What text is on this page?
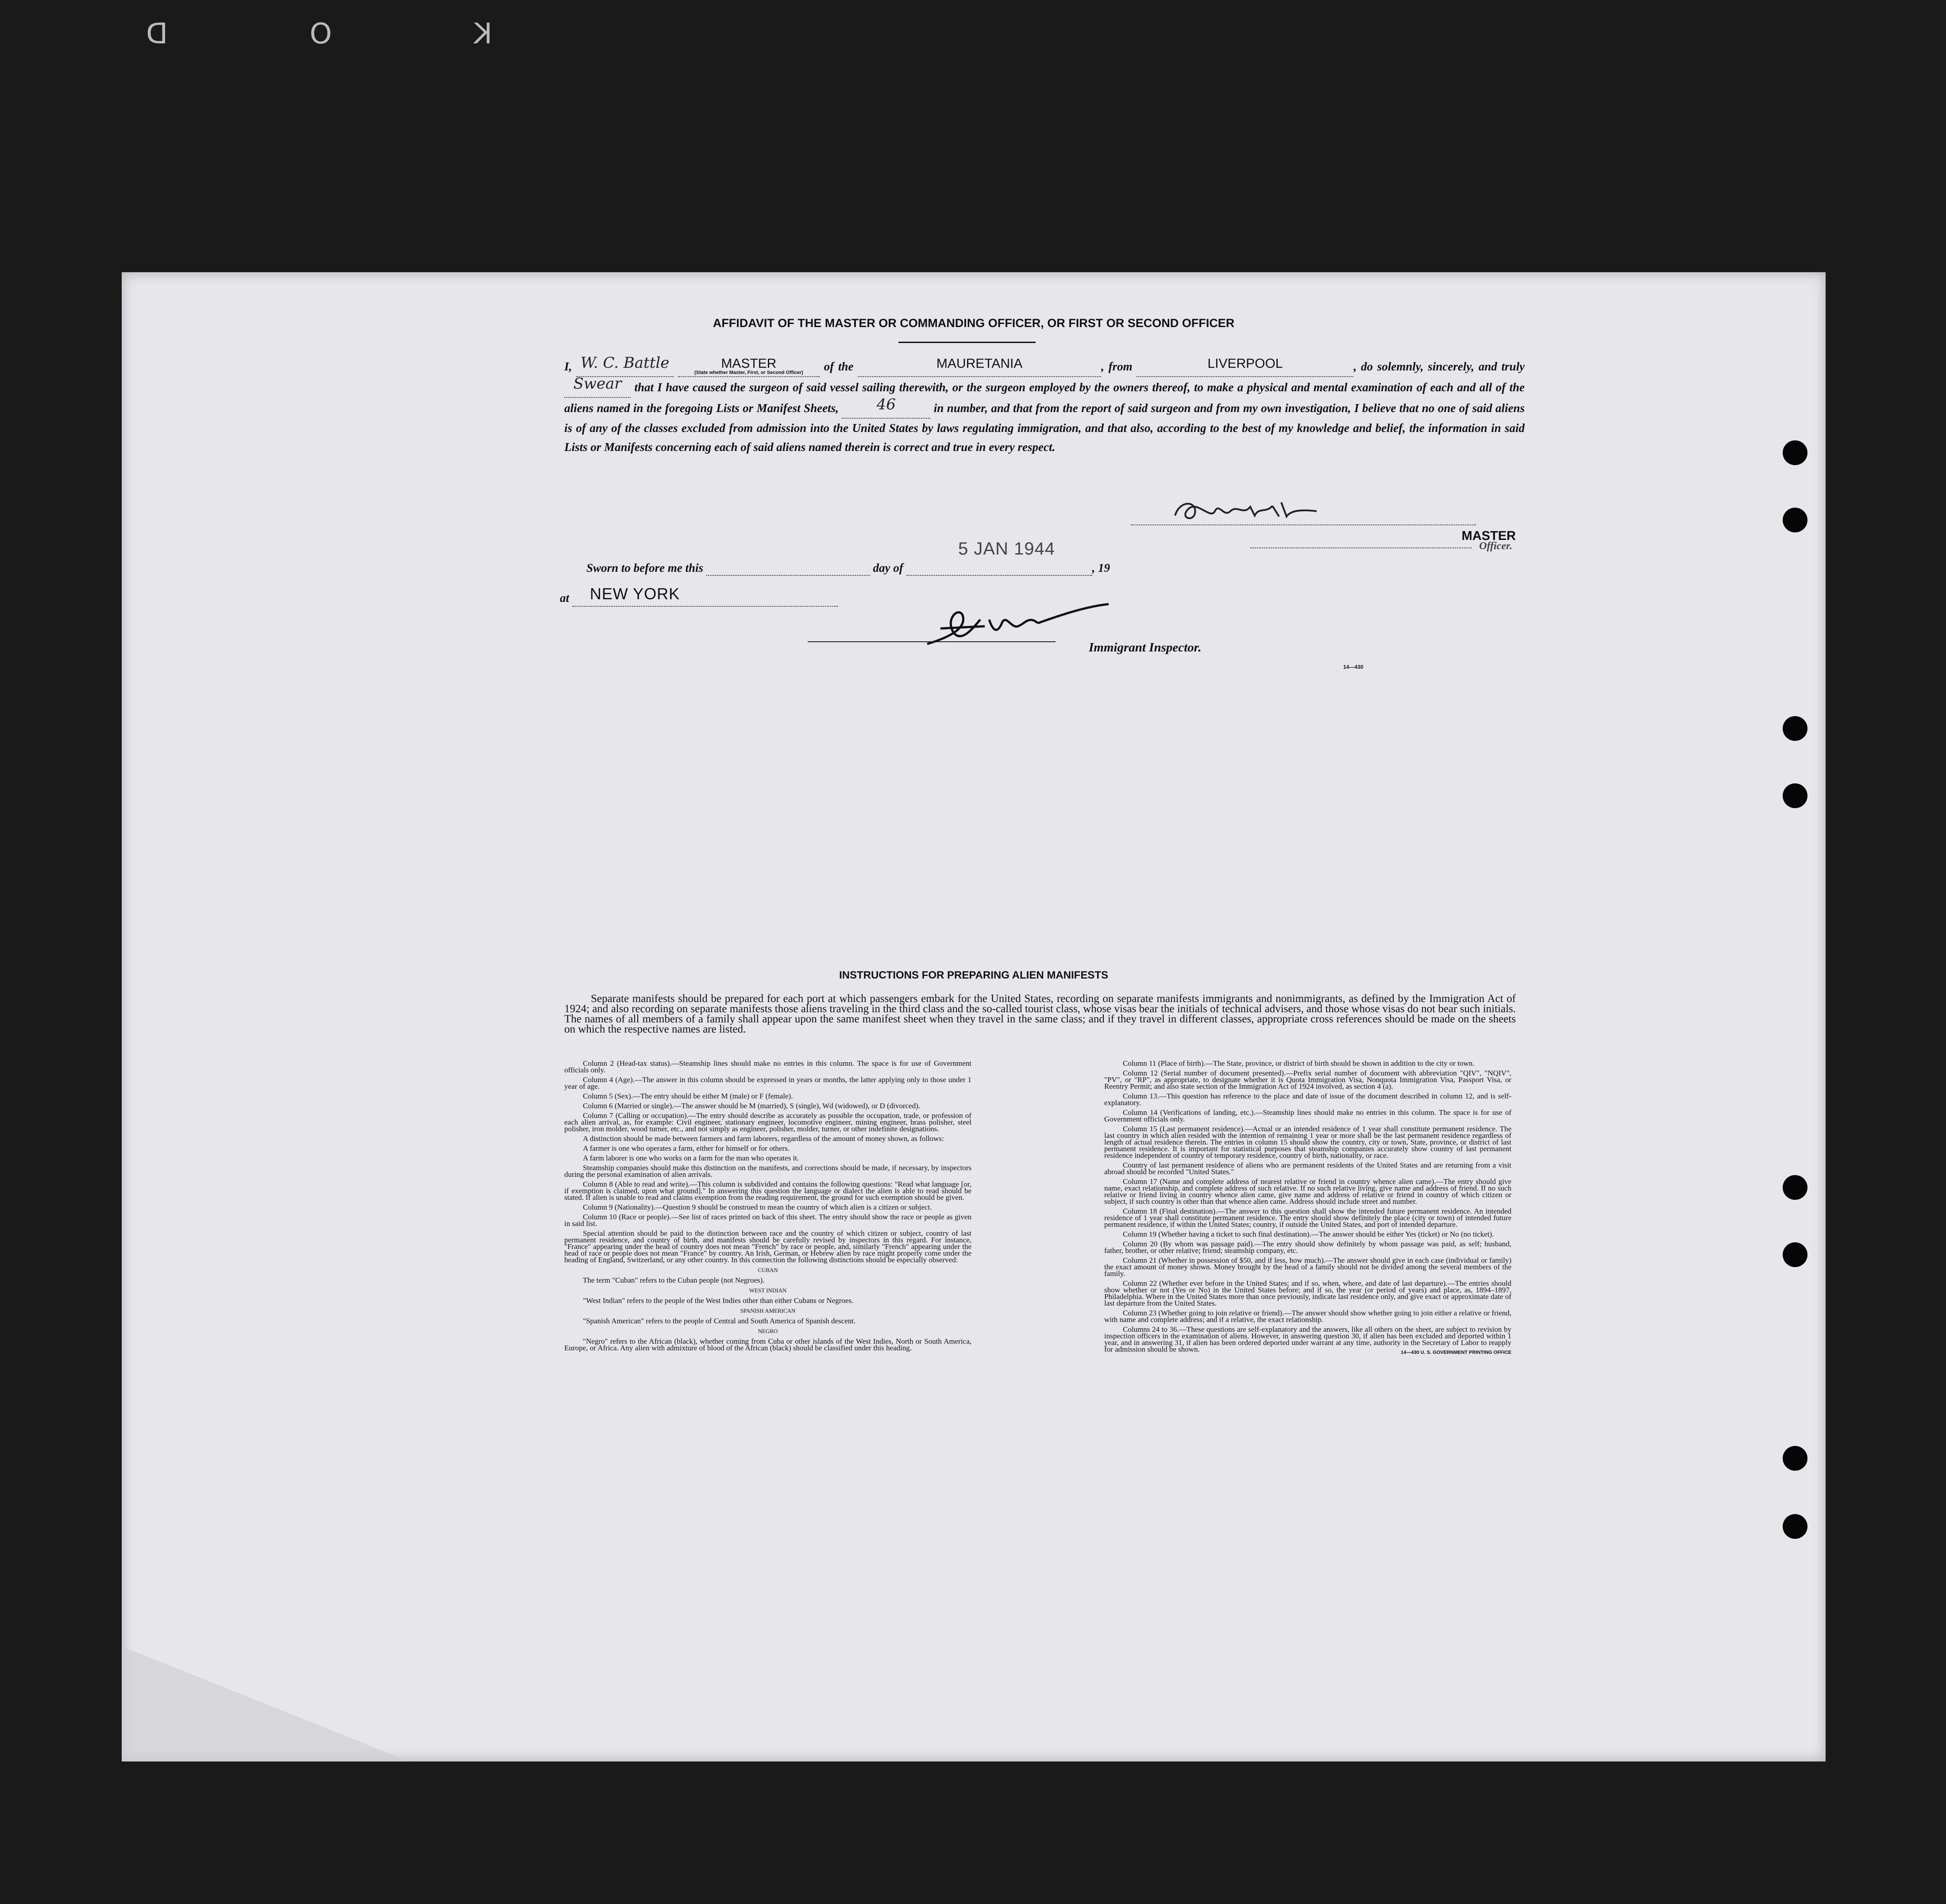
K O D
AFFIDAVIT OF THE MASTER OR COMMANDING OFFICER, OR FIRST OR SECOND OFFICER
I, W. C. Battle	MASTER
(State whether Master, First, or Second Officer)	of the	MAURETANIA	, from	LIVERPOOL	, do solemnly, sincerely, and truly Swear that I have caused the surgeon of said vessel sailing therewith, or the surgeon employed by the owners thereof, to make a physical and mental examination of each and all of the aliens named in the foregoing Lists or Manifest Sheets,	46	in number, and that from the report of said surgeon and from my own investigation, I believe that no one of said aliens is of any of the classes excluded from admission into the United States by laws regulating immigration, and that also, according to the best of my knowledge and belief, the information in said Lists or Manifests concerning each of said aliens named therein is correct and true in every respect.
5 JAN 1944
MASTER

Officer.
Sworn to before me this	day of	, 19
at NEW YORK
Immigrant Inspector.
14—430
INSTRUCTIONS FOR PREPARING ALIEN MANIFESTS
Separate manifests should be prepared for each port at which passengers embark for the United States, recording on separate manifests immigrants and nonimmigrants, as defined by the Immigration Act of 1924; and also recording on separate manifests those aliens traveling in the third class and the so-called tourist class, whose visas bear the initials of technical advisers, and those whose visas do not bear such initials. The names of all members of a family shall appear upon the same manifest sheet when they travel in the same class; and if they travel in different classes, appropriate cross references should be made on the sheets on which the respective names are listed.

Column 2 (Head-tax status).—Steamship lines should make no entries in this column. The space is for use of Government officials only.

Column 4 (Age).—The answer in this column should be expressed in years or months, the latter applying only to those under 1 year of age.

Column 5 (Sex).—The entry should be either M (male) or F (female).

Column 6 (Married or single).—The answer should be M (married), S (single), Wd (widowed), or D (divorced).

Column 7 (Calling or occupation).—The entry should describe as accurately as possible the occupation, trade, or profession of each alien arrival, as, for example: Civil engineer, stationary engineer, locomotive engineer, mining engineer, brass polisher, steel polisher, iron molder, wood turner, etc., and not simply as engineer, polisher, molder, turner, or other indefinite designations.

A distinction should be made between farmers and farm laborers, regardless of the amount of money shown, as follows:

A farmer is one who operates a farm, either for himself or for others.

A farm laborer is one who works on a farm for the man who operates it.

Steamship companies should make this distinction on the manifests, and corrections should be made, if necessary, by inspectors during the personal examination of alien arrivals.

Column 8 (Able to read and write).—This column is subdivided and contains the following questions: "Read what language [or, if exemption is claimed, upon what ground]." In answering this question the language or dialect the alien is able to read should be stated. If alien is unable to read and claims exemption from the reading requirement, the ground for such exemption should be given.

Column 9 (Nationality).—Question 9 should be construed to mean the country of which alien is a citizen or subject.

Column 10 (Race or people).—See list of races printed on back of this sheet. The entry should show the race or people as given in said list.

Special attention should be paid to the distinction between race and the country of which citizen or subject, country of last permanent residence, and country of birth, and manifests should be carefully revised by inspectors in this regard. For instance, "France" appearing under the head of country does not mean "French" by race or people, and, similarly "French" appearing under the head of race or people does not mean "France" by country. An Irish, German, or Hebrew alien by race might properly come under the heading of England, Switzerland, or any other country. In this connection the following distinctions should be especially observed:

CUBAN

The term "Cuban" refers to the Cuban people (not Negroes).

WEST INDIAN

"West Indian" refers to the people of the West Indies other than either Cubans or Negroes.

SPANISH AMERICAN

"Spanish American" refers to the people of Central and South America of Spanish descent.

NEGRO

"Negro" refers to the African (black), whether coming from Cuba or other islands of the West Indies, North or South America, Europe, or Africa. Any alien with admixture of blood of the African (black) should be classified under this heading.

Column 11 (Place of birth).—The State, province, or district of birth should be shown in addition to the city or town.

Column 12 (Serial number of document presented).—Prefix serial number of document with abbreviation "QIV", "NQIV", "PV", or "RP", as appropriate, to designate whether it is Quota Immigration Visa, Nonquota Immigration Visa, Passport Visa, or Reentry Permit; and also state section of the Immigration Act of 1924 involved, as section 4 (a).

Column 13.—This question has reference to the place and date of issue of the document described in column 12, and is self-explanatory.

Column 14 (Verifications of landing, etc.).—Steamship lines should make no entries in this column. The space is for use of Government officials only.

Column 15 (Last permanent residence).—Actual or an intended residence of 1 year shall constitute permanent residence. The last country in which alien resided with the intention of remaining 1 year or more shall be the last permanent residence regardless of length of actual residence therein. The entries in column 15 should show the country, city or town, State, province, or district of last permanent residence. It is important for statistical purposes that steamship companies accurately show country of last permanent residence independent of country of temporary residence, country of birth, nationality, or race.

Country of last permanent residence of aliens who are permanent residents of the United States and are returning from a visit abroad should be recorded "United States."

Column 17 (Name and complete address of nearest relative or friend in country whence alien came).—The entry should give name, exact relationship, and complete address of such relative. If no such relative living, give name and address of friend. If no such relative or friend living in country whence alien came, give name and address of relative or friend in country of which citizen or subject, if such country is other than that whence alien came. Address should include street and number.

Column 18 (Final destination).—The answer to this question shall show the intended future permanent residence. An intended residence of 1 year shall constitute permanent residence. The entry should show definitely the place (city or town) of intended future permanent residence, if within the United States; country, if outside the United States, and port of intended departure.

Column 19 (Whether having a ticket to such final destination).—The answer should be either Yes (ticket) or No (no ticket).

Column 20 (By whom was passage paid).—The entry should show definitely by whom passage was paid, as self; husband, father, brother, or other relative; friend; steamship company, etc.

Column 21 (Whether in possession of $50, and if less, how much).—The answer should give in each case (individual or family) the exact amount of money shown. Money brought by the head of a family should not be divided among the several members of the family.

Column 22 (Whether ever before in the United States; and if so, when, where, and date of last departure).—The entries should show whether or not (Yes or No) in the United States before; and if so, the year (or period of years) and place, as, 1894–1897, Philadelphia. Where in the United States more than once previously, indicate last residence only, and give exact or approximate date of last departure from the United States.

Column 23 (Whether going to join relative or friend).—The answer should show whether going to join either a relative or friend, with name and complete address; and if a relative, the exact relationship.

Columns 24 to 36.—These questions are self-explanatory and the answers, like all others on the sheet, are subject to revision by inspection officers in the examination of aliens. However, in answering question 30, if alien has been excluded and deported within 1 year, and in answering 31, if alien has been ordered deported under warrant at any time, authority in the Secretary of Labor to reapply for admission should be shown.	14—430 U. S. GOVERNMENT PRINTING OFFICE
